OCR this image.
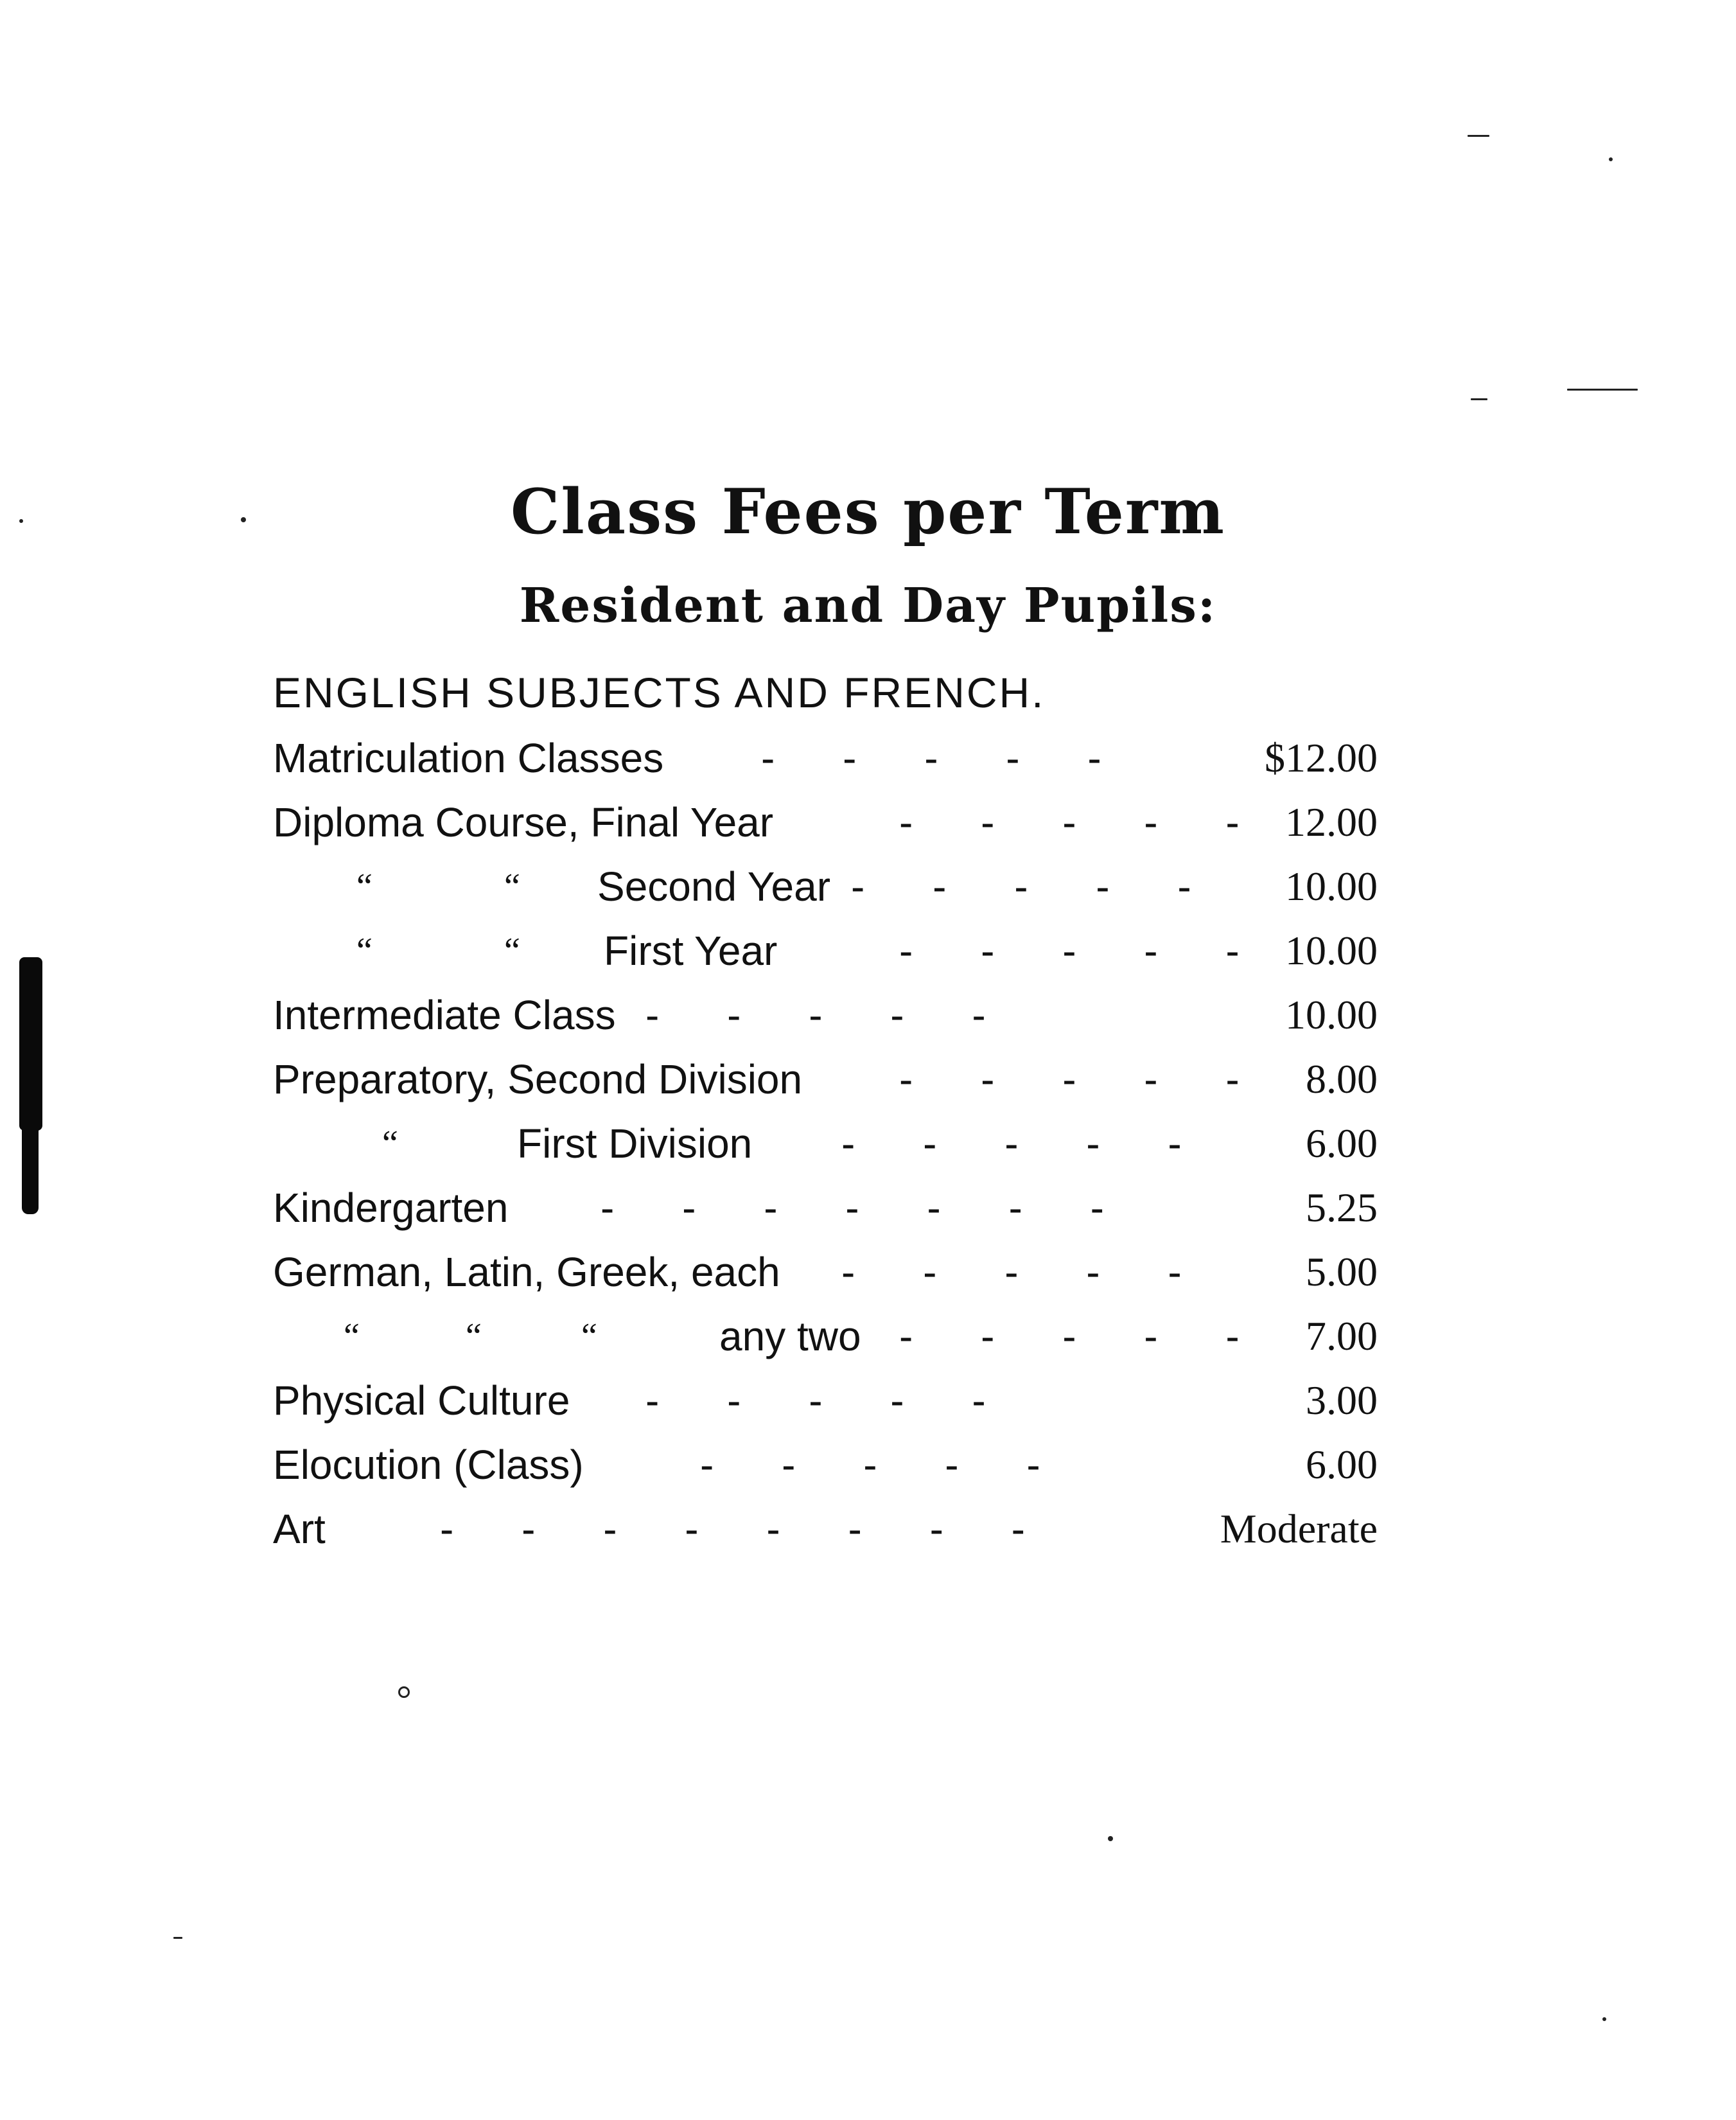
Class Fees per Term
Resident and Day Pupils:
ENGLISH SUBJECTS AND FRENCH.
Matriculation Classes - - - - -	$12.00
Diploma Course, Final Year	- - - - - 12.00
“	“ Second Year - - - - - 10.00
“	“ First Year	- - - - - 10.00
Intermediate Class - - - - -	10.00
Preparatory, Second Division - - - - - 8.00
“	First Division - - - - -	6.00
Kindergarten - - - - - - -	5.25
German, Latin, Greek, each - - - - -	5.00
“	“	“	any two - - - - - 7.00
Physical Culture - - - - -	3.00
Elocution (Class)	- - - - -	6.00
Art	- - - - - - - -	Moderate
